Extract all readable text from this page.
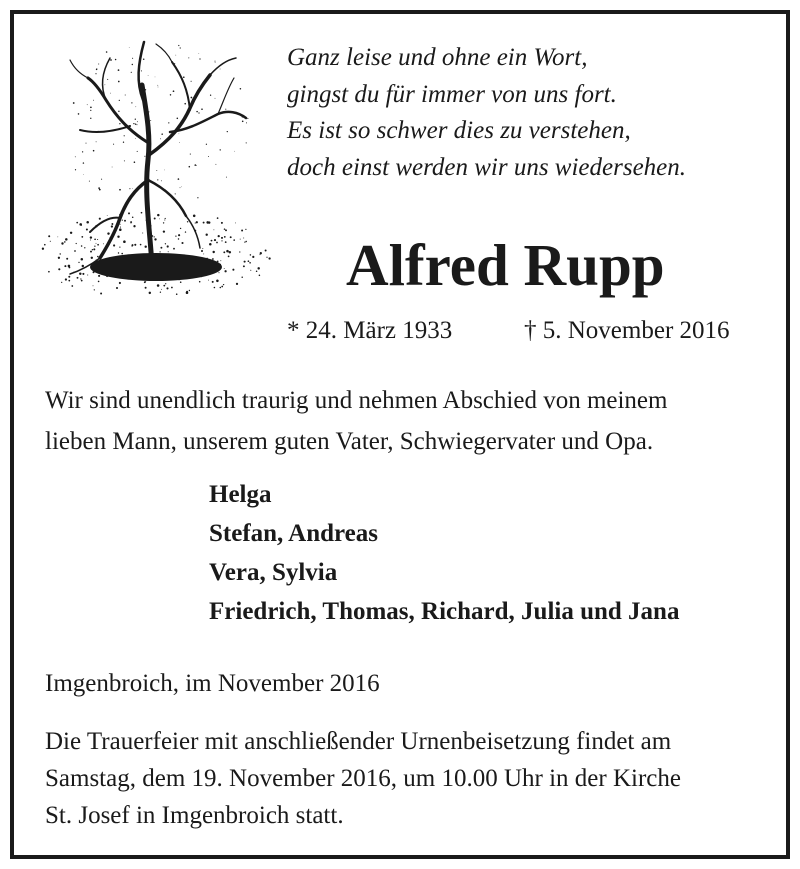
Ganz leise und ohne ein Wort,
gingst du für immer von uns fort.
Es ist so schwer dies zu verstehen,
doch einst werden wir uns wiedersehen.
Alfred Rupp
* 24. März 1933	† 5. November 2016
Wir sind unendlich traurig und nehmen Abschied von meinem
lieben Mann, unserem guten Vater, Schwiegervater und Opa.
Helga
Stefan, Andreas
Vera, Sylvia
Friedrich, Thomas, Richard, Julia und Jana
Imgenbroich, im November 2016
Die Trauerfeier mit anschließender Urnenbeisetzung findet am
Samstag, dem 19. November 2016, um 10.00 Uhr in der Kirche
St. Josef in Imgenbroich statt.
